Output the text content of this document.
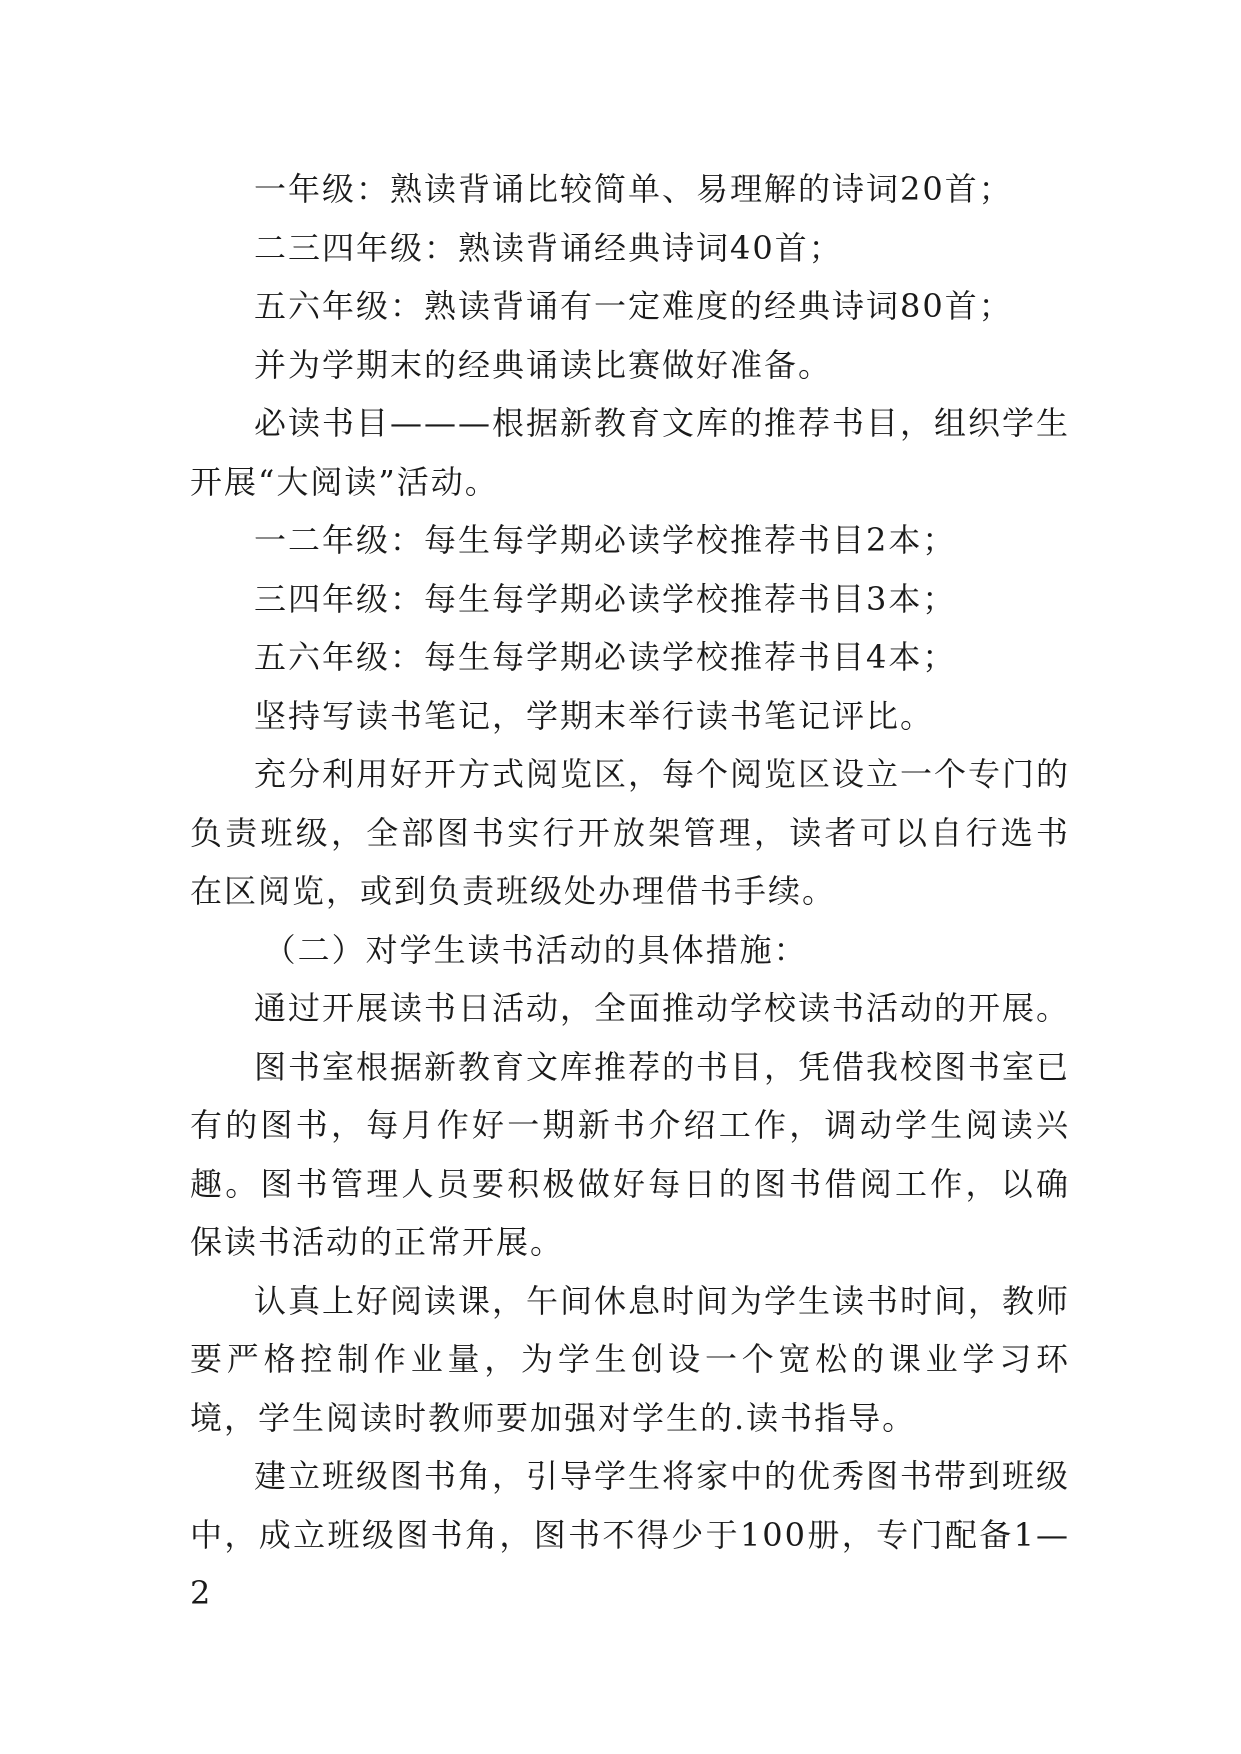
一年级：熟读背诵比较简单、易理解的诗词20首；

二三四年级：熟读背诵经典诗词40首；

五六年级：熟读背诵有一定难度的经典诗词80首；

并为学期末的经典诵读比赛做好准备。

必读书目———根据新教育文库的推荐书目，组织学生开展“大阅读”活动。

一二年级：每生每学期必读学校推荐书目2本；

三四年级：每生每学期必读学校推荐书目3本；

五六年级：每生每学期必读学校推荐书目4本；

坚持写读书笔记，学期末举行读书笔记评比。

充分利用好开方式阅览区，每个阅览区设立一个专门的负责班级，全部图书实行开放架管理，读者可以自行选书在区阅览，或到负责班级处办理借书手续。

（二）对学生读书活动的具体措施：

通过开展读书日活动，全面推动学校读书活动的开展。

图书室根据新教育文库推荐的书目，凭借我校图书室已有的图书，每月作好一期新书介绍工作，调动学生阅读兴趣。图书管理人员要积极做好每日的图书借阅工作，以确保读书活动的正常开展。

认真上好阅读课，午间休息时间为学生读书时间，教师要严格控制作业量，为学生创设一个宽松的课业学习环境，学生阅读时教师要加强对学生的.读书指导。

建立班级图书角，引导学生将家中的优秀图书带到班级中，成立班级图书角，图书不得少于100册，专门配备1—2
